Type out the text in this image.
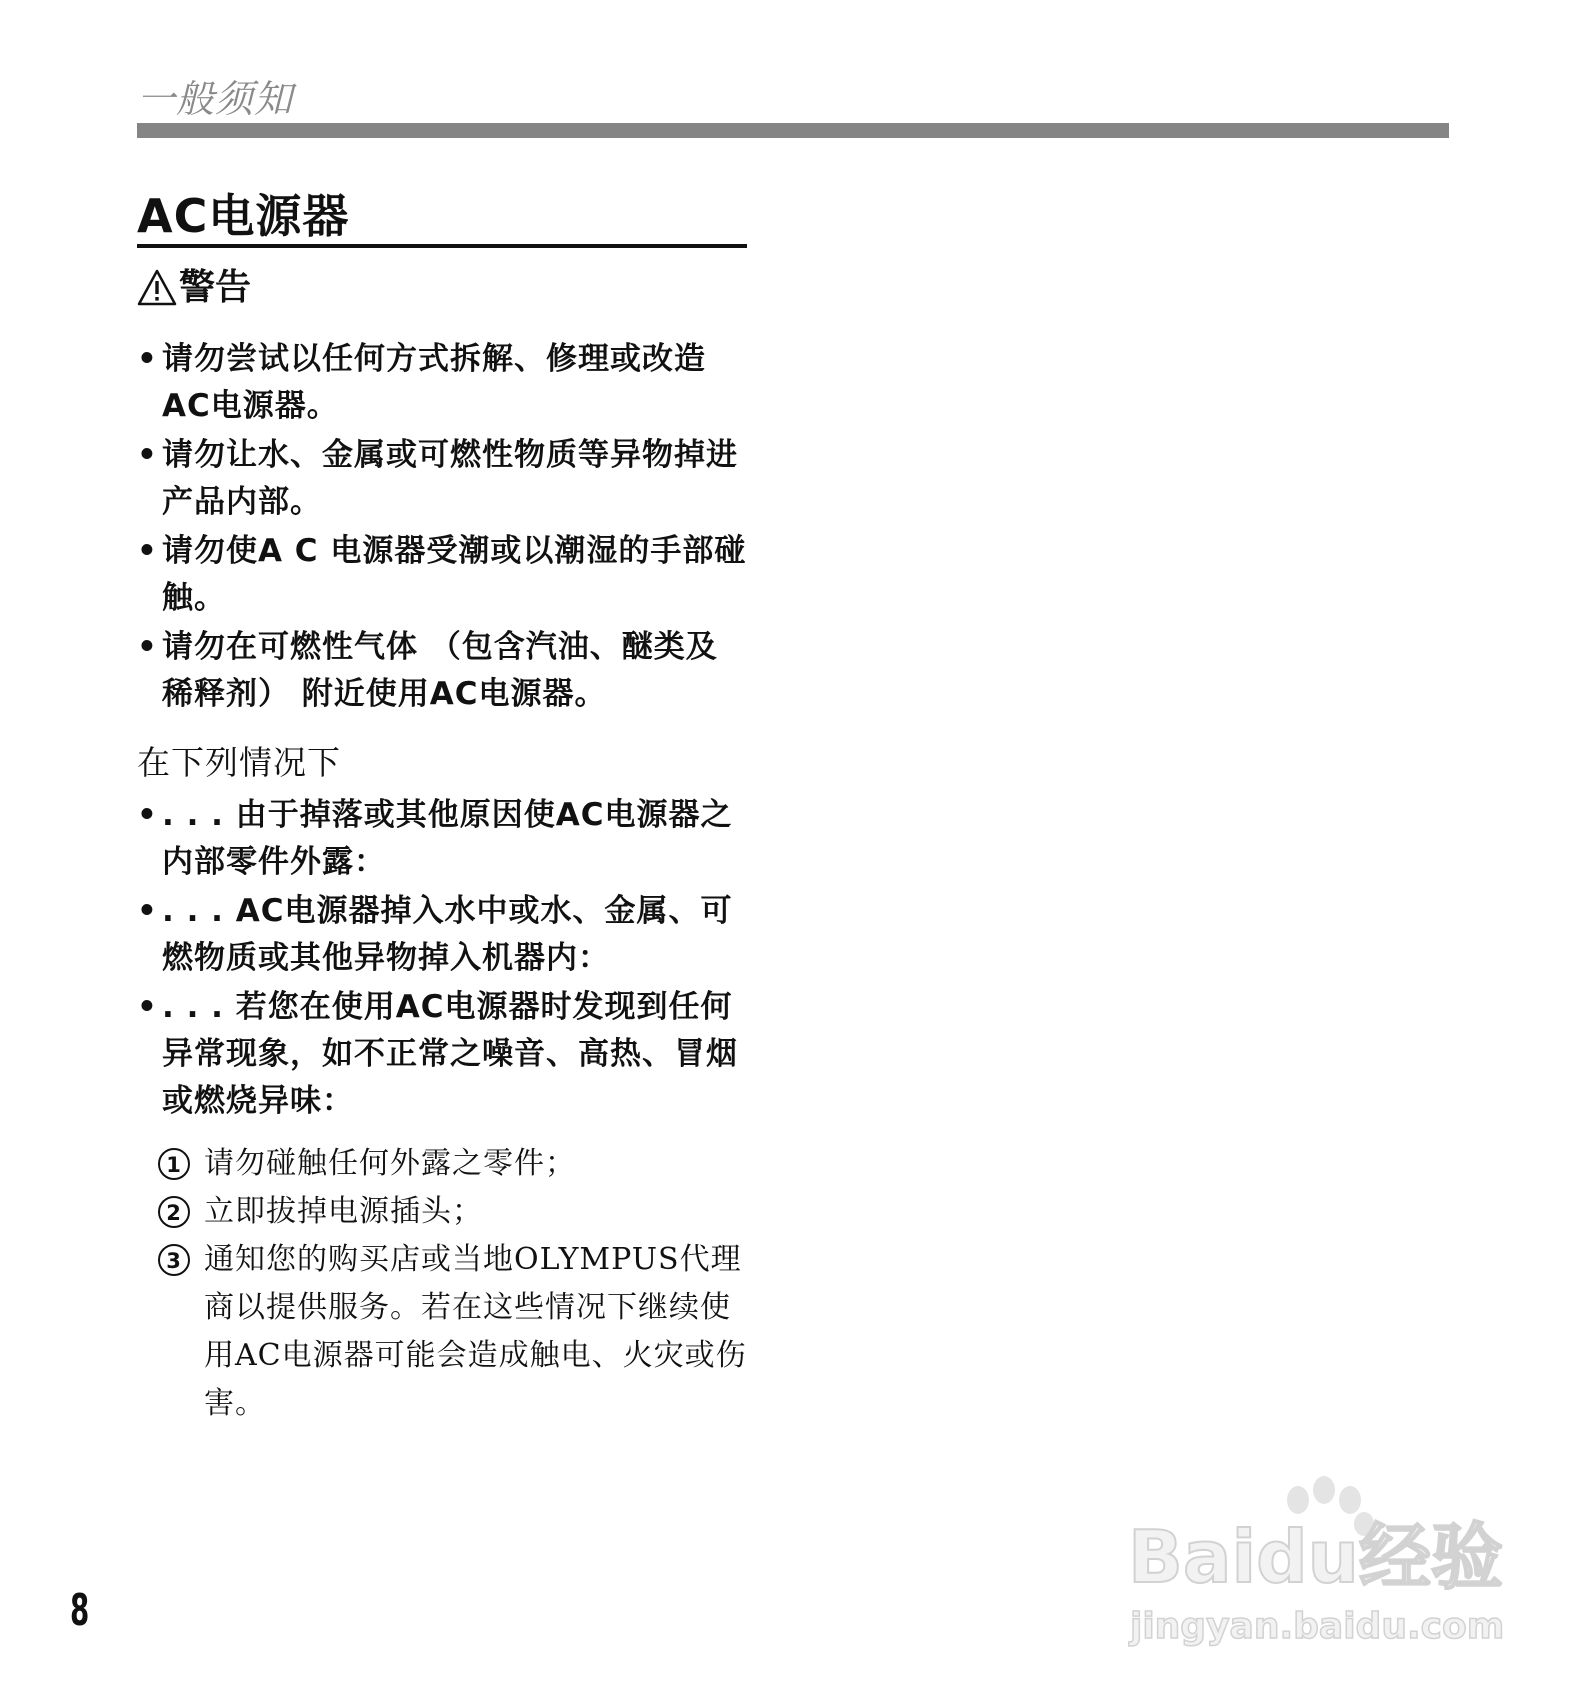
一般须知
AC电源器
警告
• 请勿尝试以任何方式拆解、修理或改造AC电源器。
• 请勿让水、金属或可燃性物质等异物掉进产品内部。
• 请勿使A C 电源器受潮或以潮湿的手部碰触。
• 请勿在可燃性气体 （包含汽油、醚类及稀释剂） 附近使用AC电源器。
在下列情况下
• . . . 由于掉落或其他原因使AC电源器之内部零件外露：
• . . . AC电源器掉入水中或水、金属、可燃物质或其他异物掉入机器内：
• . . . 若您在使用AC电源器时发现到任何异常现象，如不正常之噪音、高热、冒烟或燃烧异味：
1 请勿碰触任何外露之零件；
2 立即拔掉电源插头；
3 通知您的购买店或当地OLYMPUS代理商以提供服务。若在这些情况下继续使用AC电源器可能会造成触电、火灾或伤害。
8
Baidu经验
jingyan.baidu.com
